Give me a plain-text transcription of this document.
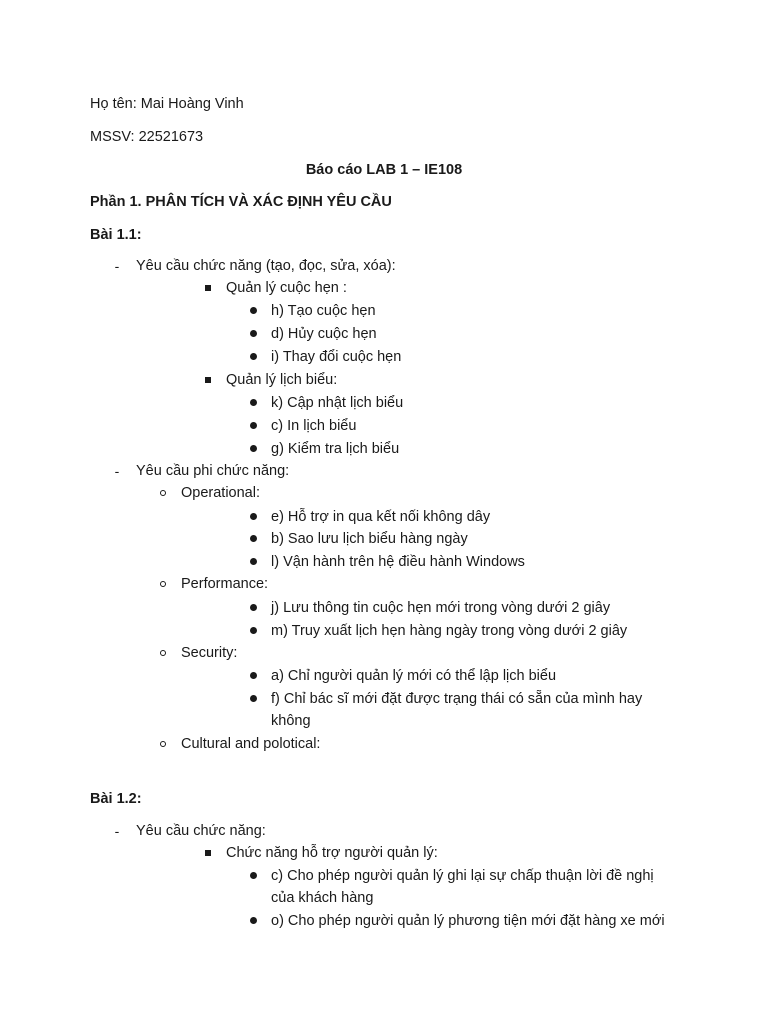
Họ tên: Mai Hoàng Vinh
MSSV: 22521673
Báo cáo LAB 1 – IE108
Phần 1. PHÂN TÍCH VÀ XÁC ĐỊNH YÊU CẦU
Bài 1.1:
-	Yêu cầu chức năng (tạo, đọc, sửa, xóa):
Quản lý cuộc hẹn :
h) Tạo cuộc hẹn
d) Hủy cuộc hẹn
i) Thay đổi cuộc hẹn
Quản lý lịch biểu:
k) Cập nhật lịch biểu
c) In lịch biểu
g) Kiểm tra lịch biểu
-	Yêu cầu phi chức năng:
Operational:
e) Hỗ trợ in qua kết nối không dây
b) Sao lưu lịch biểu hàng ngày
l) Vận hành trên hệ điều hành Windows
Performance:
j) Lưu thông tin cuộc hẹn mới trong vòng dưới 2 giây
m) Truy xuất lịch hẹn hàng ngày trong vòng dưới 2 giây
Security:
a) Chỉ người quản lý mới có thể lập lịch biểu
f) Chỉ bác sĩ mới đặt được trạng thái có sẵn của mình hay
không
Cultural and polotical:
Bài 1.2:
-	Yêu cầu chức năng:
Chức năng hỗ trợ người quản lý:
c) Cho phép người quản lý ghi lại sự chấp thuận lời đề nghị
của khách hàng
o) Cho phép người quản lý phương tiện mới đặt hàng xe mới
